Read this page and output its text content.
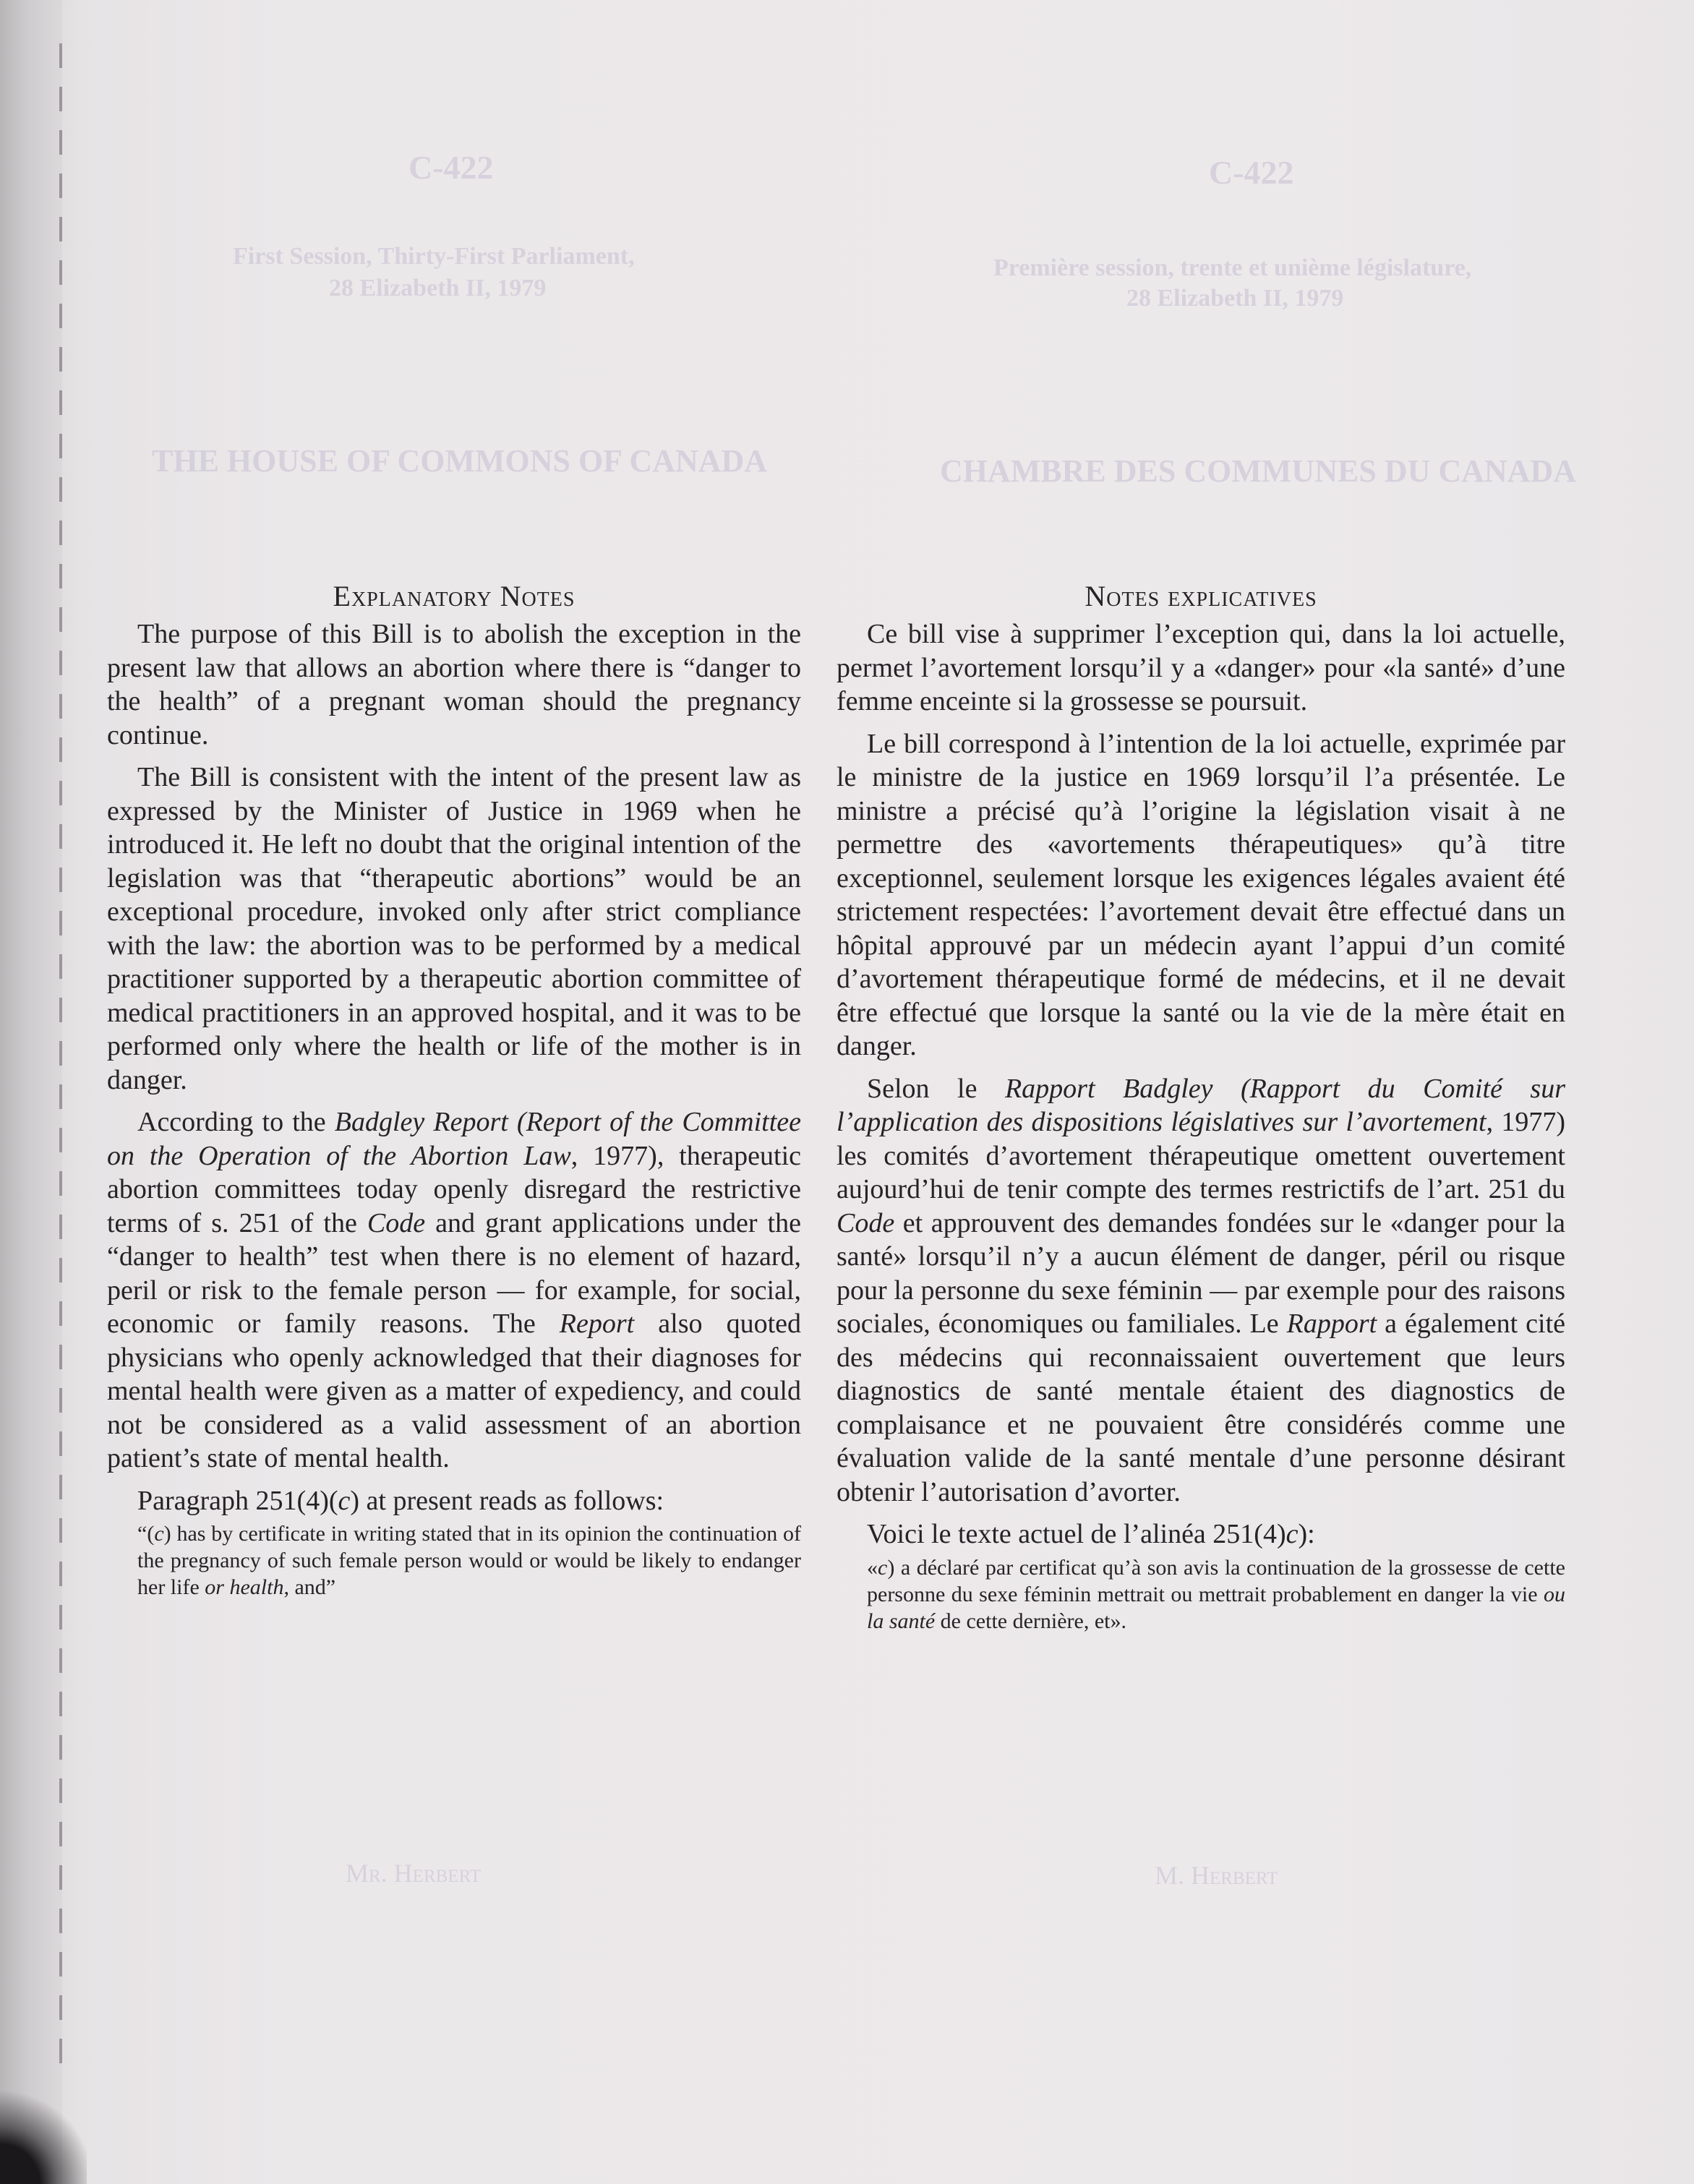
C-422
First Session, Thirty-First Parliament,
28 Elizabeth II, 1979
THE HOUSE OF COMMONS OF CANADA
Mr. Herbert
C-422
Première session, trente et unième législature,
28 Elizabeth II, 1979
CHAMBRE DES COMMUNES DU CANADA
M. Herbert
Explanatory Notes

The purpose of this Bill is to abolish the exception in the present law that allows an abortion where there is “danger to the health” of a pregnant woman should the pregnancy continue.

The Bill is consistent with the intent of the present law as expressed by the Minister of Justice in 1969 when he introduced it. He left no doubt that the original intention of the legislation was that “therapeutic abortions” would be an exceptional procedure, invoked only after strict compliance with the law: the abortion was to be performed by a medical practitioner supported by a therapeutic abortion committee of medical practitioners in an approved hospital, and it was to be performed only where the health or life of the mother is in danger.

According to the Badgley Report (Report of the Committee on the Operation of the Abortion Law, 1977), therapeutic abortion committees today openly disregard the restrictive terms of s. 251 of the Code and grant applications under the “danger to health” test when there is no element of hazard, peril or risk to the female person — for example, for social, economic or family reasons. The Report also quoted physicians who openly acknowledged that their diagnoses for mental health were given as a matter of expediency, and could not be considered as a valid assessment of an abortion patient’s state of mental health.

Paragraph 251(4)(c) at present reads as follows:

“(c) has by certificate in writing stated that in its opinion the continuation of the pregnancy of such female person would or would be likely to endanger her life or health, and”

Notes explicatives

Ce bill vise à supprimer l’exception qui, dans la loi actuelle, permet l’avortement lorsqu’il y a «danger» pour «la santé» d’une femme enceinte si la grossesse se poursuit.

Le bill correspond à l’intention de la loi actuelle, exprimée par le ministre de la justice en 1969 lorsqu’il l’a présentée. Le ministre a précisé qu’à l’origine la législation visait à ne permettre des «avortements thérapeutiques» qu’à titre exceptionnel, seulement lorsque les exigences légales avaient été strictement respectées: l’avortement devait être effectué dans un hôpital approuvé par un médecin ayant l’appui d’un comité d’avortement thérapeutique formé de médecins, et il ne devait être effectué que lorsque la santé ou la vie de la mère était en danger.

Selon le Rapport Badgley (Rapport du Comité sur l’application des dispositions législatives sur l’avortement, 1977) les comités d’avortement thérapeutique omettent ouvertement aujourd’hui de tenir compte des termes restrictifs de l’art. 251 du Code et approuvent des demandes fondées sur le «danger pour la santé» lorsqu’il n’y a aucun élément de danger, péril ou risque pour la personne du sexe féminin — par exemple pour des raisons sociales, économiques ou familiales. Le Rapport a également cité des médecins qui reconnaissaient ouvertement que leurs diagnostics de santé mentale étaient des diagnostics de complaisance et ne pouvaient être considérés comme une évaluation valide de la santé mentale d’une personne désirant obtenir l’autorisation d’avorter.

Voici le texte actuel de l’alinéa 251(4)c):

«c) a déclaré par certificat qu’à son avis la continuation de la grossesse de cette personne du sexe féminin mettrait ou mettrait probablement en danger la vie ou la santé de cette dernière, et».
